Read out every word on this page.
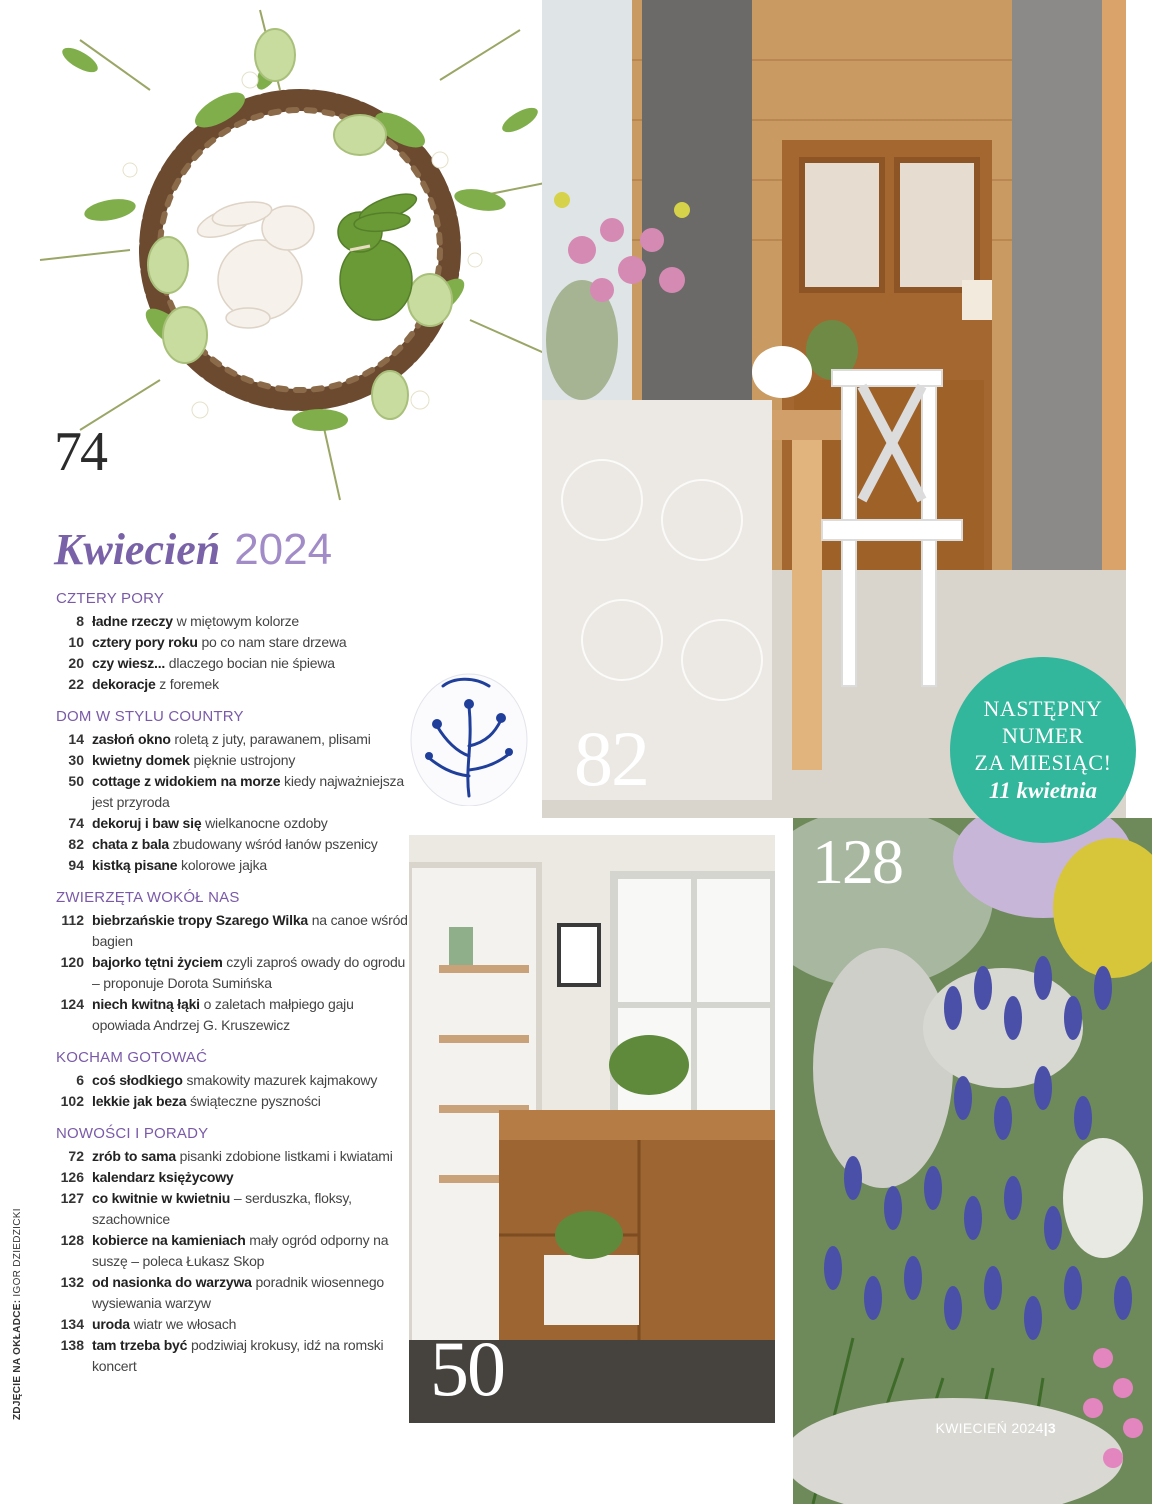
74
82
128
50
Kwiecień 2024
CZTERY PORY
8 ładne rzeczy w miętowym kolorze
10 cztery pory roku po co nam stare drzewa
20 czy wiesz... dlaczego bocian nie śpiewa
22 dekoracje z foremek
DOM W STYLU COUNTRY
14 zasłoń okno roletą z juty, parawanem, plisami
30 kwietny domek pięknie ustrojony
50 cottage z widokiem na morze kiedy najważniejsza jest przyroda
74 dekoruj i baw się wielkanocne ozdoby
82 chata z bala zbudowany wśród łanów pszenicy
94 kistką pisane kolorowe jajka
ZWIERZĘTA WOKÓŁ NAS
112 biebrzańskie tropy Szarego Wilka na canoe wśród bagien
120 bajorko tętni życiem czyli zaproś owady do ogrodu – proponuje Dorota Sumińska
124 niech kwitną łąki o zaletach małpiego gaju opowiada Andrzej G. Kruszewicz
KOCHAM GOTOWAĆ
6 coś słodkiego smakowity mazurek kajmakowy
102 lekkie jak beza świąteczne pyszności
NOWOŚCI I PORADY
72 zrób to sama pisanki zdobione listkami i kwiatami
126 kalendarz księżycowy
127 co kwitnie w kwietniu – serduszka, floksy, szachownice
128 kobierce na kamieniach mały ogród odporny na suszę – poleca Łukasz Skop
132 od nasionka do warzywa poradnik wiosennego wysiewania warzyw
134 uroda wiatr we włosach
138 tam trzeba być podziwiaj krokusy, idź na romski koncert
NASTĘPNY
NUMER
ZA MIESIĄC!
11 kwietnia
ZDJĘCIE NA OKŁADCE: IGOR DZIEDZICKI
KWIECIEŃ 2024|3
